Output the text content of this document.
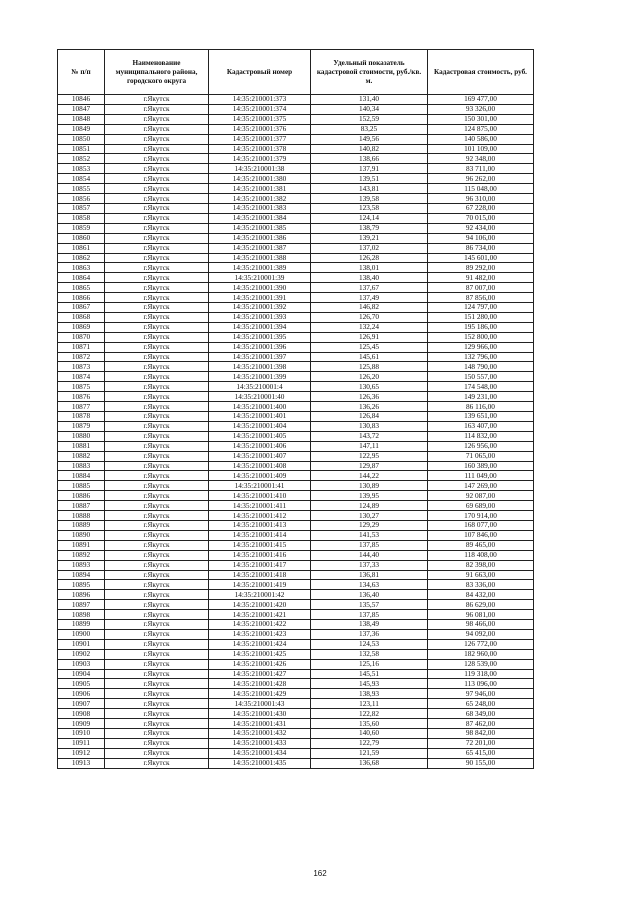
№ п/п	Наименование муниципального района, городского округа	Кадастровый номер	Удельный показатель кадастровой стоимости, руб./кв. м.	Кадастровая стоимость, руб.
10846	г.Якутск	14:35:210001:373	131,40	169 477,00
10847	г.Якутск	14:35:210001:374	140,34	93 326,00
10848	г.Якутск	14:35:210001:375	152,59	150 301,00
10849	г.Якутск	14:35:210001:376	83,25	124 875,00
10850	г.Якутск	14:35:210001:377	149,56	140 586,00
10851	г.Якутск	14:35:210001:378	140,82	101 109,00
10852	г.Якутск	14:35:210001:379	138,66	92 348,00
10853	г.Якутск	14:35:210001:38	137,91	83 711,00
10854	г.Якутск	14:35:210001:380	139,51	96 262,00
10855	г.Якутск	14:35:210001:381	143,81	115 048,00
10856	г.Якутск	14:35:210001:382	139,58	96 310,00
10857	г.Якутск	14:35:210001:383	123,58	67 228,00
10858	г.Якутск	14:35:210001:384	124,14	70 015,00
10859	г.Якутск	14:35:210001:385	138,79	92 434,00
10860	г.Якутск	14:35:210001:386	139,21	94 106,00
10861	г.Якутск	14:35:210001:387	137,02	86 734,00
10862	г.Якутск	14:35:210001:388	126,28	145 601,00
10863	г.Якутск	14:35:210001:389	138,01	89 292,00
10864	г.Якутск	14:35:210001:39	138,40	91 482,00
10865	г.Якутск	14:35:210001:390	137,67	87 007,00
10866	г.Якутск	14:35:210001:391	137,49	87 856,00
10867	г.Якутск	14:35:210001:392	146,82	124 797,00
10868	г.Якутск	14:35:210001:393	126,70	151 280,00
10869	г.Якутск	14:35:210001:394	132,24	195 186,00
10870	г.Якутск	14:35:210001:395	126,91	152 800,00
10871	г.Якутск	14:35:210001:396	125,45	129 966,00
10872	г.Якутск	14:35:210001:397	145,61	132 796,00
10873	г.Якутск	14:35:210001:398	125,88	148 790,00
10874	г.Якутск	14:35:210001:399	126,20	150 557,00
10875	г.Якутск	14:35:210001:4	130,65	174 548,00
10876	г.Якутск	14:35:210001:40	126,36	149 231,00
10877	г.Якутск	14:35:210001:400	136,26	86 116,00
10878	г.Якутск	14:35:210001:401	126,84	139 651,00
10879	г.Якутск	14:35:210001:404	130,83	163 407,00
10880	г.Якутск	14:35:210001:405	143,72	114 832,00
10881	г.Якутск	14:35:210001:406	147,11	126 956,00
10882	г.Якутск	14:35:210001:407	122,95	71 065,00
10883	г.Якутск	14:35:210001:408	129,87	160 389,00
10884	г.Якутск	14:35:210001:409	144,22	111 049,00
10885	г.Якутск	14:35:210001:41	130,89	147 269,00
10886	г.Якутск	14:35:210001:410	139,95	92 087,00
10887	г.Якутск	14:35:210001:411	124,89	69 689,00
10888	г.Якутск	14:35:210001:412	130,27	170 914,00
10889	г.Якутск	14:35:210001:413	129,29	168 077,00
10890	г.Якутск	14:35:210001:414	141,53	107 846,00
10891	г.Якутск	14:35:210001:415	137,85	89 465,00
10892	г.Якутск	14:35:210001:416	144,40	118 408,00
10893	г.Якутск	14:35:210001:417	137,33	82 398,00
10894	г.Якутск	14:35:210001:418	136,81	91 663,00
10895	г.Якутск	14:35:210001:419	134,63	83 336,00
10896	г.Якутск	14:35:210001:42	136,40	84 432,00
10897	г.Якутск	14:35:210001:420	135,57	86 629,00
10898	г.Якутск	14:35:210001:421	137,85	96 081,00
10899	г.Якутск	14:35:210001:422	138,49	98 466,00
10900	г.Якутск	14:35:210001:423	137,36	94 092,00
10901	г.Якутск	14:35:210001:424	124,53	126 772,00
10902	г.Якутск	14:35:210001:425	132,58	182 960,00
10903	г.Якутск	14:35:210001:426	125,16	128 539,00
10904	г.Якутск	14:35:210001:427	145,51	119 318,00
10905	г.Якутск	14:35:210001:428	145,93	113 096,00
10906	г.Якутск	14:35:210001:429	138,93	97 946,00
10907	г.Якутск	14:35:210001:43	123,11	65 248,00
10908	г.Якутск	14:35:210001:430	122,82	68 349,00
10909	г.Якутск	14:35:210001:431	135,60	87 462,00
10910	г.Якутск	14:35:210001:432	140,60	98 842,00
10911	г.Якутск	14:35:210001:433	122,79	72 201,00
10912	г.Якутск	14:35:210001:434	121,59	65 415,00
10913	г.Якутск	14:35:210001:435	136,68	90 155,00
162
